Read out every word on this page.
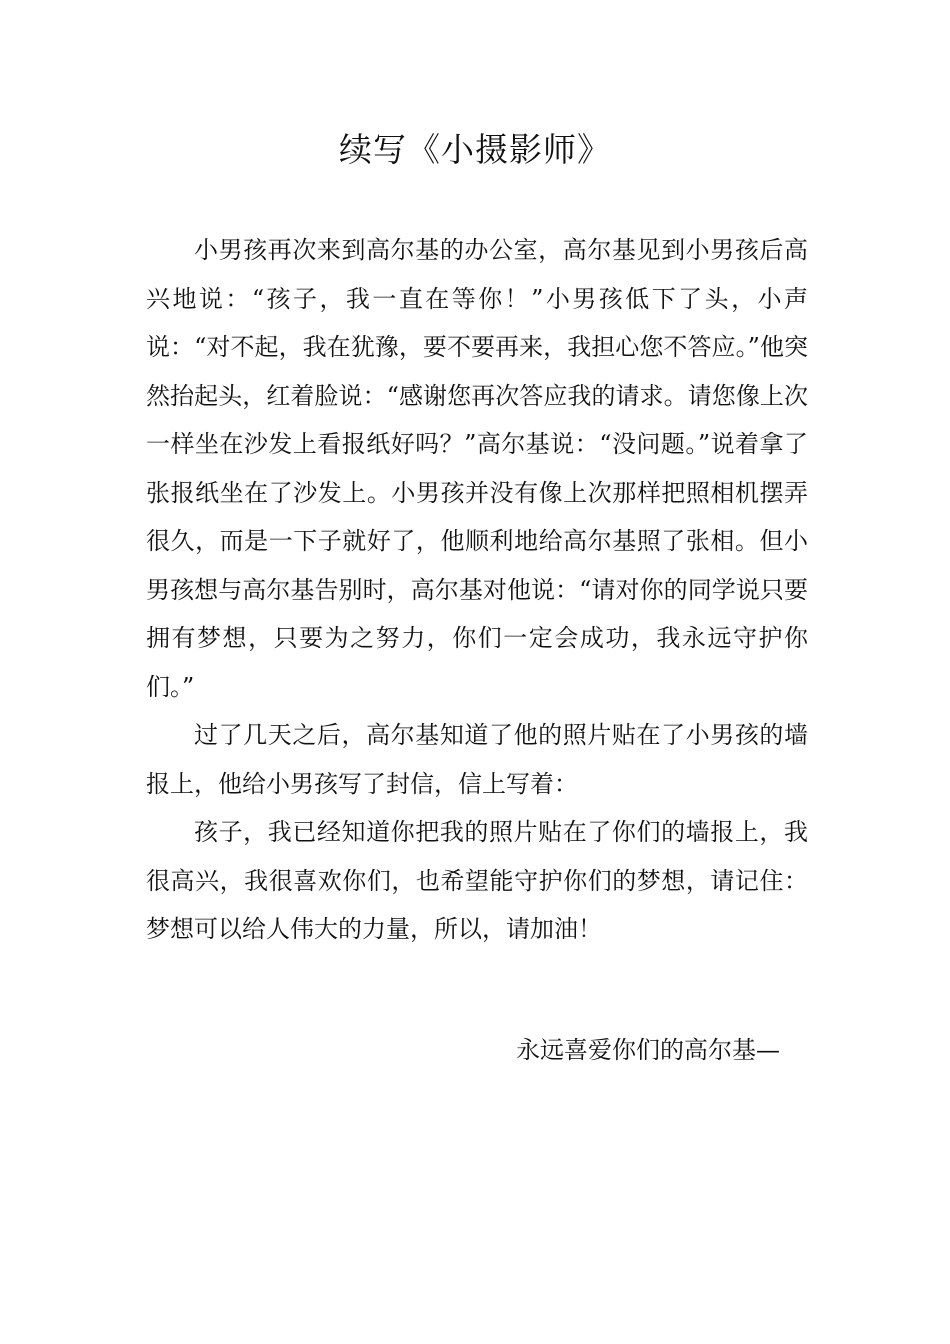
续写《小摄影师》

小男孩再次来到高尔基的办公室，高尔基见到小男孩后高兴地说：“孩子，我一直在等你！”小男孩低下了头，小声说：“对不起，我在犹豫，要不要再来，我担心您不答应。”他突然抬起头，红着脸说：“感谢您再次答应我的请求。请您像上次一样坐在沙发上看报纸好吗？”高尔基说：“没问题。”说着拿了张报纸坐在了沙发上。小男孩并没有像上次那样把照相机摆弄很久，而是一下子就好了，他顺利地给高尔基照了张相。但小男孩想与高尔基告别时，高尔基对他说：“请对你的同学说只要拥有梦想，只要为之努力，你们一定会成功，我永远守护你们。”

过了几天之后，高尔基知道了他的照片贴在了小男孩的墙报上，他给小男孩写了封信，信上写着：

孩子，我已经知道你把我的照片贴在了你们的墙报上，我很高兴，我很喜欢你们，也希望能守护你们的梦想，请记住：梦想可以给人伟大的力量，所以，请加油！

永远喜爱你们的高尔基—
